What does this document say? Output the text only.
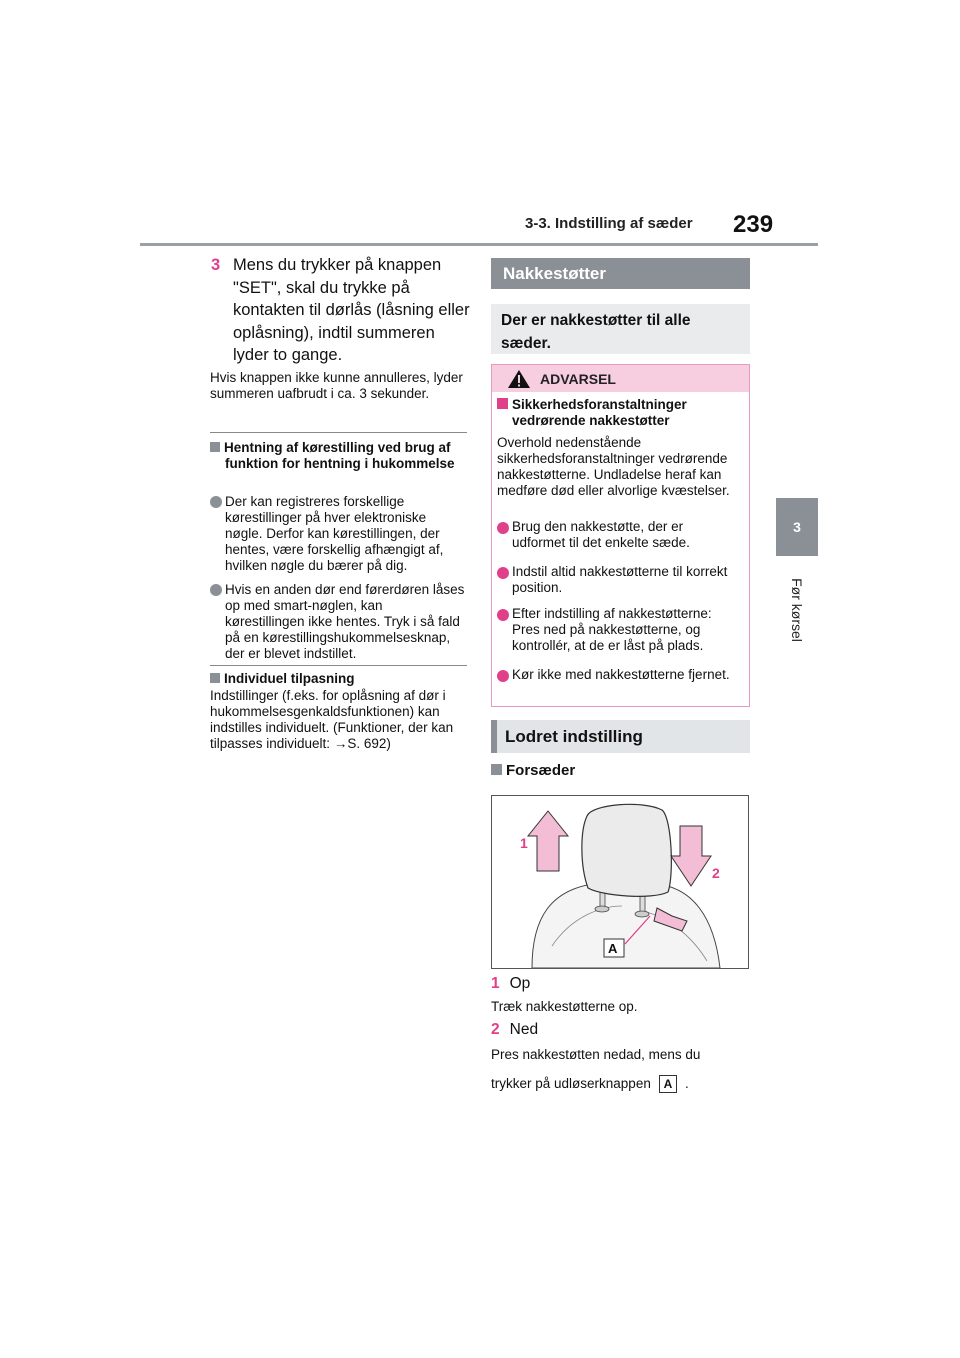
3-3. Indstilling af sæder 239
3
Før kørsel
3 Mens du trykker på knappen "SET", skal du trykke på kontakten til dørlås (låsning eller oplåsning), indtil summeren lyder to gange.
Hvis knappen ikke kunne annulleres, lyder summeren uafbrudt i ca. 3 sekunder.
Hentning af kørestilling ved brug af funktion for hentning i hukommelse
Der kan registreres forskellige kørestillinger på hver elektroniske nøgle. Derfor kan kørestillingen, der hentes, være forskellig afhængigt af, hvilken nøgle du bærer på dig.
Hvis en anden dør end førerdøren låses op med smart-nøglen, kan kørestillingen ikke hentes. Tryk i så fald på en kørestillingshukommelsesknap, der er blevet indstillet.
Individuel tilpasning
Indstillinger (f.eks. for oplåsning af dør i hukommelsesgenkaldsfunktionen) kan indstilles individuelt. (Funktioner, der kan tilpasses individuelt: →S. 692)
Nakkestøtter
Der er nakkestøtter til alle sæder.
ADVARSEL
Sikkerhedsforanstaltninger vedrørende nakkestøtter
Overhold nedenstående sikkerhedsforanstaltninger vedrørende nakkestøtterne. Undladelse heraf kan medføre død eller alvorlige kvæstelser.
Brug den nakkestøtte, der er udformet til det enkelte sæde.
Indstil altid nakkestøtterne til korrekt position.
Efter indstilling af nakkestøtterne: Pres ned på nakkestøtterne, og kontrollér, at de er låst på plads.
Kør ikke med nakkestøtterne fjernet.
Lodret indstilling
Forsæder
1
2
A
1 Op
Træk nakkestøtterne op.
2 Ned
Pres nakkestøtten nedad, mens du
trykker på udløserknappen A .
